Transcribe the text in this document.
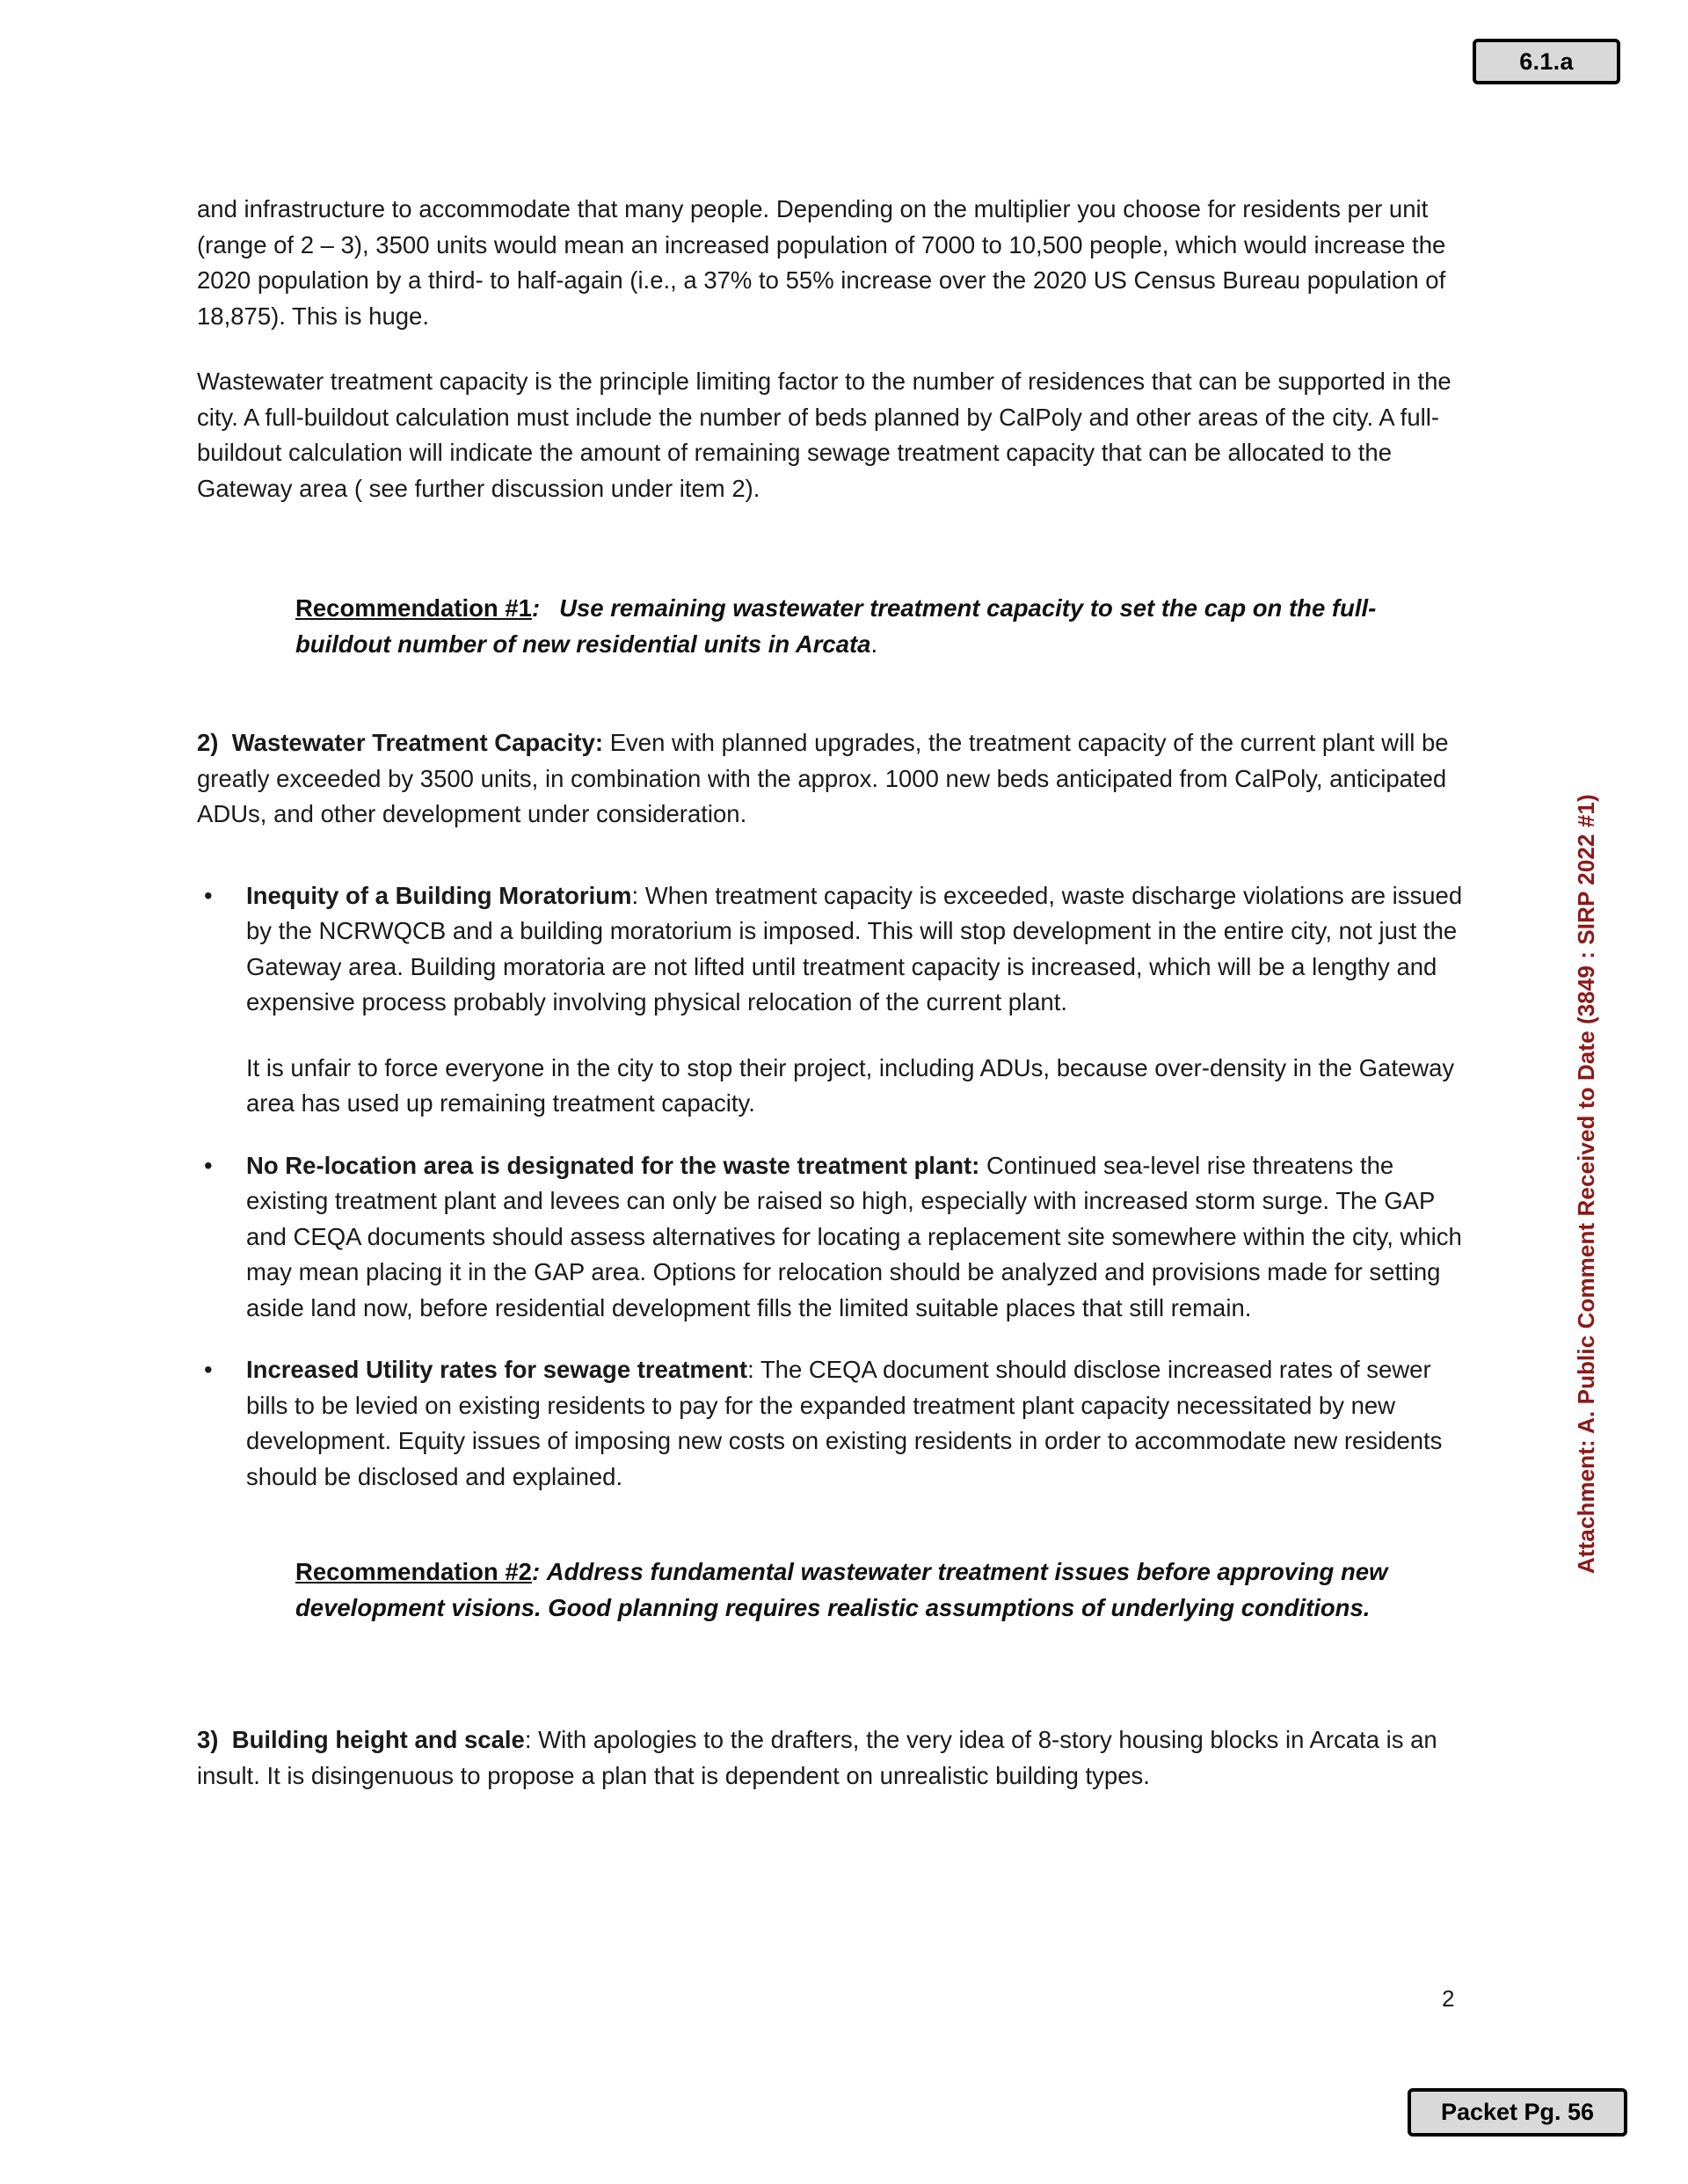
6.1.a
Attachment: A. Public Comment Received to Date (3849 : SIRP 2022 #1)

and infrastructure to accommodate that many people. Depending on the multiplier you choose for residents per unit (range of 2 – 3), 3500 units would mean an increased population of 7000 to 10,500 people, which would increase the 2020 population by a third- to half-again (i.e., a 37% to 55% increase over the 2020 US Census Bureau population of 18,875). This is huge.

Wastewater treatment capacity is the principle limiting factor to the number of residences that can be supported in the city. A full-buildout calculation must include the number of beds planned by CalPoly and other areas of the city. A full-buildout calculation will indicate the amount of remaining sewage treatment capacity that can be allocated to the Gateway area ( see further discussion under item 2).

Recommendation #1: Use remaining wastewater treatment capacity to set the cap on the full-buildout number of new residential units in Arcata.

2) Wastewater Treatment Capacity: Even with planned upgrades, the treatment capacity of the current plant will be greatly exceeded by 3500 units, in combination with the approx. 1000 new beds anticipated from CalPoly, anticipated ADUs, and other development under consideration.

• Inequity of a Building Moratorium: When treatment capacity is exceeded, waste discharge violations are issued by the NCRWQCB and a building moratorium is imposed. This will stop development in the entire city, not just the Gateway area. Building moratoria are not lifted until treatment capacity is increased, which will be a lengthy and expensive process probably involving physical relocation of the current plant.
It is unfair to force everyone in the city to stop their project, including ADUs, because over-density in the Gateway area has used up remaining treatment capacity.
• No Re-location area is designated for the waste treatment plant: Continued sea-level rise threatens the existing treatment plant and levees can only be raised so high, especially with increased storm surge. The GAP and CEQA documents should assess alternatives for locating a replacement site somewhere within the city, which may mean placing it in the GAP area. Options for relocation should be analyzed and provisions made for setting aside land now, before residential development fills the limited suitable places that still remain.
• Increased Utility rates for sewage treatment: The CEQA document should disclose increased rates of sewer bills to be levied on existing residents to pay for the expanded treatment plant capacity necessitated by new development. Equity issues of imposing new costs on existing residents in order to accommodate new residents should be disclosed and explained.
Recommendation #2: Address fundamental wastewater treatment issues before approving new development visions. Good planning requires realistic assumptions of underlying conditions.

3) Building height and scale: With apologies to the drafters, the very idea of 8-story housing blocks in Arcata is an insult. It is disingenuous to propose a plan that is dependent on unrealistic building types.

2
Packet Pg. 56
